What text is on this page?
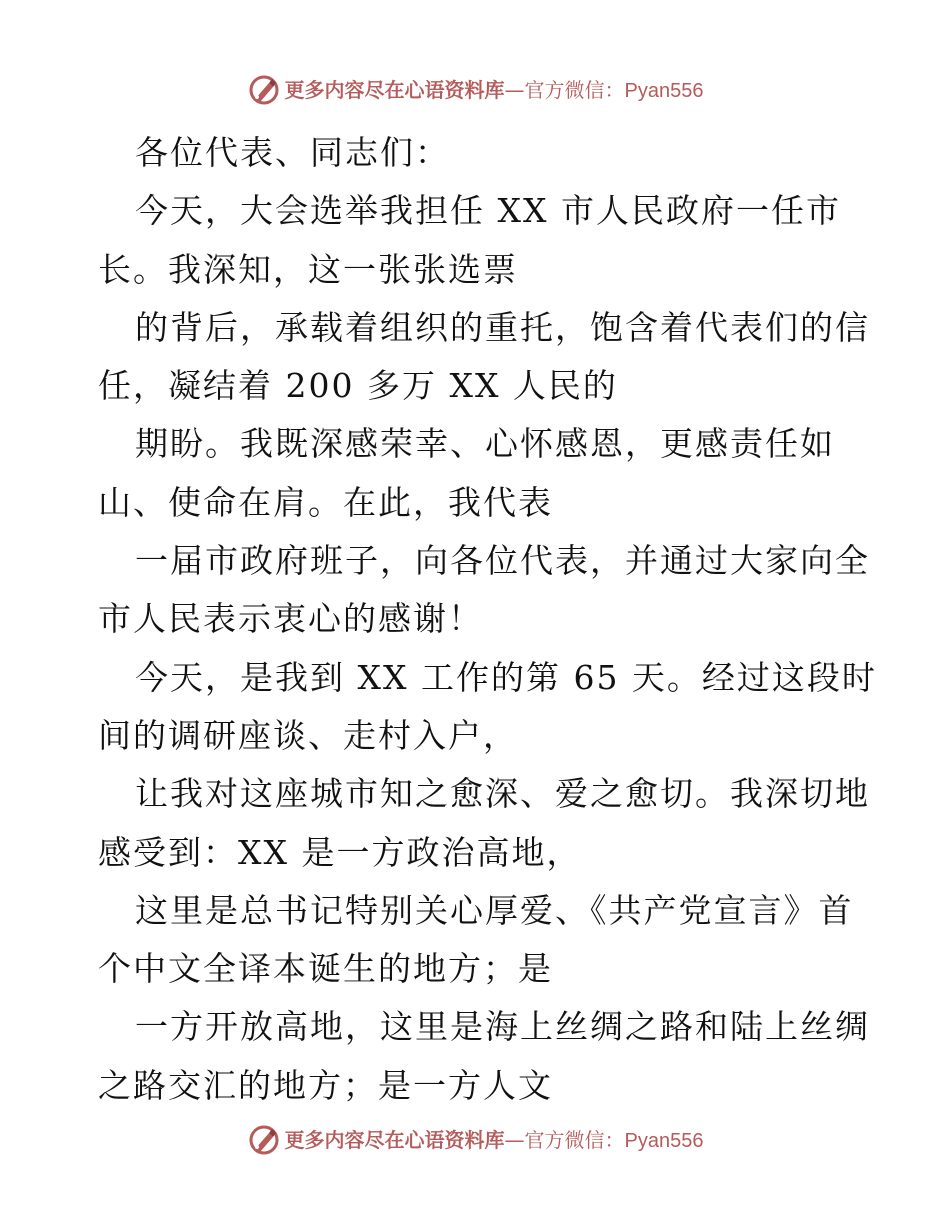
更多内容尽在心语资料库—官方微信：Pyan556
各位代表、同志们：
今天，大会选举我担任 XX 市人民政府一任市
长。我深知，这一张张选票
的背后，承载着组织的重托，饱含着代表们的信
任，凝结着 200 多万 XX 人民的
期盼。我既深感荣幸、心怀感恩，更感责任如
山、使命在肩。在此，我代表
一届市政府班子，向各位代表，并通过大家向全
市人民表示衷心的感谢！
今天，是我到 XX 工作的第 65 天。经过这段时
间的调研座谈、走村入户，
让我对这座城市知之愈深、爱之愈切。我深切地
感受到：XX 是一方政治高地，
这里是总书记特别关心厚爱、《共产党宣言》首
个中文全译本诞生的地方；是
一方开放高地，这里是海上丝绸之路和陆上丝绸
之路交汇的地方；是一方人文
更多内容尽在心语资料库—官方微信：Pyan556
